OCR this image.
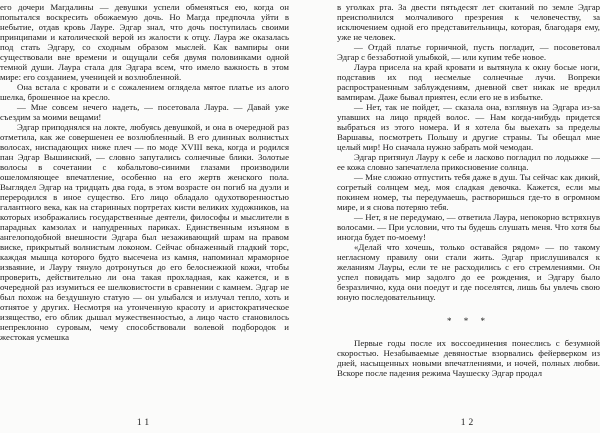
его дочери Магдалины — девушки успели обменяться ею, когда он попытался воскресить обожаемую дочь. Но Магда предпочла уйти в небытие, отдав кровь Лауре. Эдгар знал, что дочь поступилась своими принципами и католической верой из жалости к отцу. Лаура же оказалась под стать Эдгару, со сходным образом мыслей. Как вампиры они существовали вне времени и ощущали себя двумя половинками одной темной души. Лаура стала для Эдгара всем, что имело важность в этом мире: его созданием, ученицей и возлюбленной.

Она встала с кровати и с сожалением оглядела мятое платье из алого шелка, брошенное на кресло.

— Мне совсем нечего надеть, — посетовала Лаура. — Давай уже съездим за моими вещами!

Эдгар приподнялся на локте, любуясь девушкой, и она в очередной раз отметила, как же совершенен ее возлюбленный. В его длинных волнистых волосах, ниспадающих ниже плеч — по моде XVIII века, когда и родился пан Эдгар Вышинский, — словно запутались солнечные блики. Золотые волосы в сочетании с кобальтово-синими глазами производили ошеломляющее впечатление, особенно на его жертв женского пола. Выглядел Эдгар на тридцать два года, в этом возрасте он погиб на дуэли и переродился в иное существо. Его лицо обладало одухотворенностью галантного века, как на старинных портретах кисти великих художников, на которых изображались государственные деятели, философы и мыслители в парадных камзолах и напудренных париках. Единственным изъяном в ангелоподобной внешности Эдгара был незаживающий шрам на правом виске, прикрытый волнистым локоном. Сейчас обнаженный гладкий торс, каждая мышца которого будто высечена из камня, напоминал мраморное изваяние, и Лауру тянуло дотронуться до его белоснежной кожи, чтобы проверить, действительно ли она такая прохладная, как кажется, и в очередной раз изумиться ее шелковистости в сравнении с камнем. Эдгар не был похож на бездушную статую — он улыбался и излучал тепло, хоть и отнятое у других. Несмотря на утонченную красоту и аристократическое изящество, его облик дышал мужественностью, а лицо часто становилось непреклонно суровым, чему способствовали волевой подбородок и жестокая усмешка

11

в уголках рта. За двести пятьдесят лет скитаний по земле Эдгар преисполнился молчаливого презрения к человечеству, за исключением одной его представительницы, которая, благодаря ему, уже не человек.

— Отдай платье горничной, пусть погладит, — посоветовал Эдгар с беззаботной улыбкой, — или купим тебе новое.

Лаура присела на край кровати и вытянула к окну босые ноги, подставив их под несмелые солнечные лучи. Вопреки распространенным заблуждениям, дневной свет никак не вредил вампирам. Даже бывал приятен, если его не в избытке.

— Нет, так не пойдет, — сказала она, взглянув на Эдгара из-за упавших на лицо прядей волос. — Нам когда-нибудь придется выбраться из этого номера. И я хотела бы выехать за пределы Варшавы, посмотреть Польшу и другие страны. Ты обещал мне целый мир! Но сначала нужно забрать мой чемодан.

Эдгар притянул Лауру к себе и ласково погладил по лодыжке — ее кожа словно запечатлела прикосновение солнца.

— Мне сложно отпустить тебя даже в душ. Ты сейчас как дикий, согретый солнцем мед, моя сладкая девочка. Кажется, если мы покинем номер, ты передумаешь, растворишься где-то в огромном мире, и я снова потеряю тебя.

— Нет, я не передумаю, — ответила Лаура, непокорно встряхнув волосами. — При условии, что ты будешь слушать меня. Что хотя бы иногда будет по-моему!

«Делай что хочешь, только оставайся рядом» — по такому негласному правилу они стали жить. Эдгар прислушивался к желаниям Лауры, если те не расходились с его стремлениями. Он успел повидать мир задолго до ее рождения, и Эдгару было безразлично, куда они поедут и где поселятся, лишь бы увлечь свою юную последовательницу.

* * *

Первые годы после их воссоединения понеслись с безумной скоростью. Незабываемые девяностые взорвались фейерверком из дней, насыщенных новыми впечатлениями, и ночей, полных любви. Вскоре после падения режима Чаушеску Эдгар продал

12
